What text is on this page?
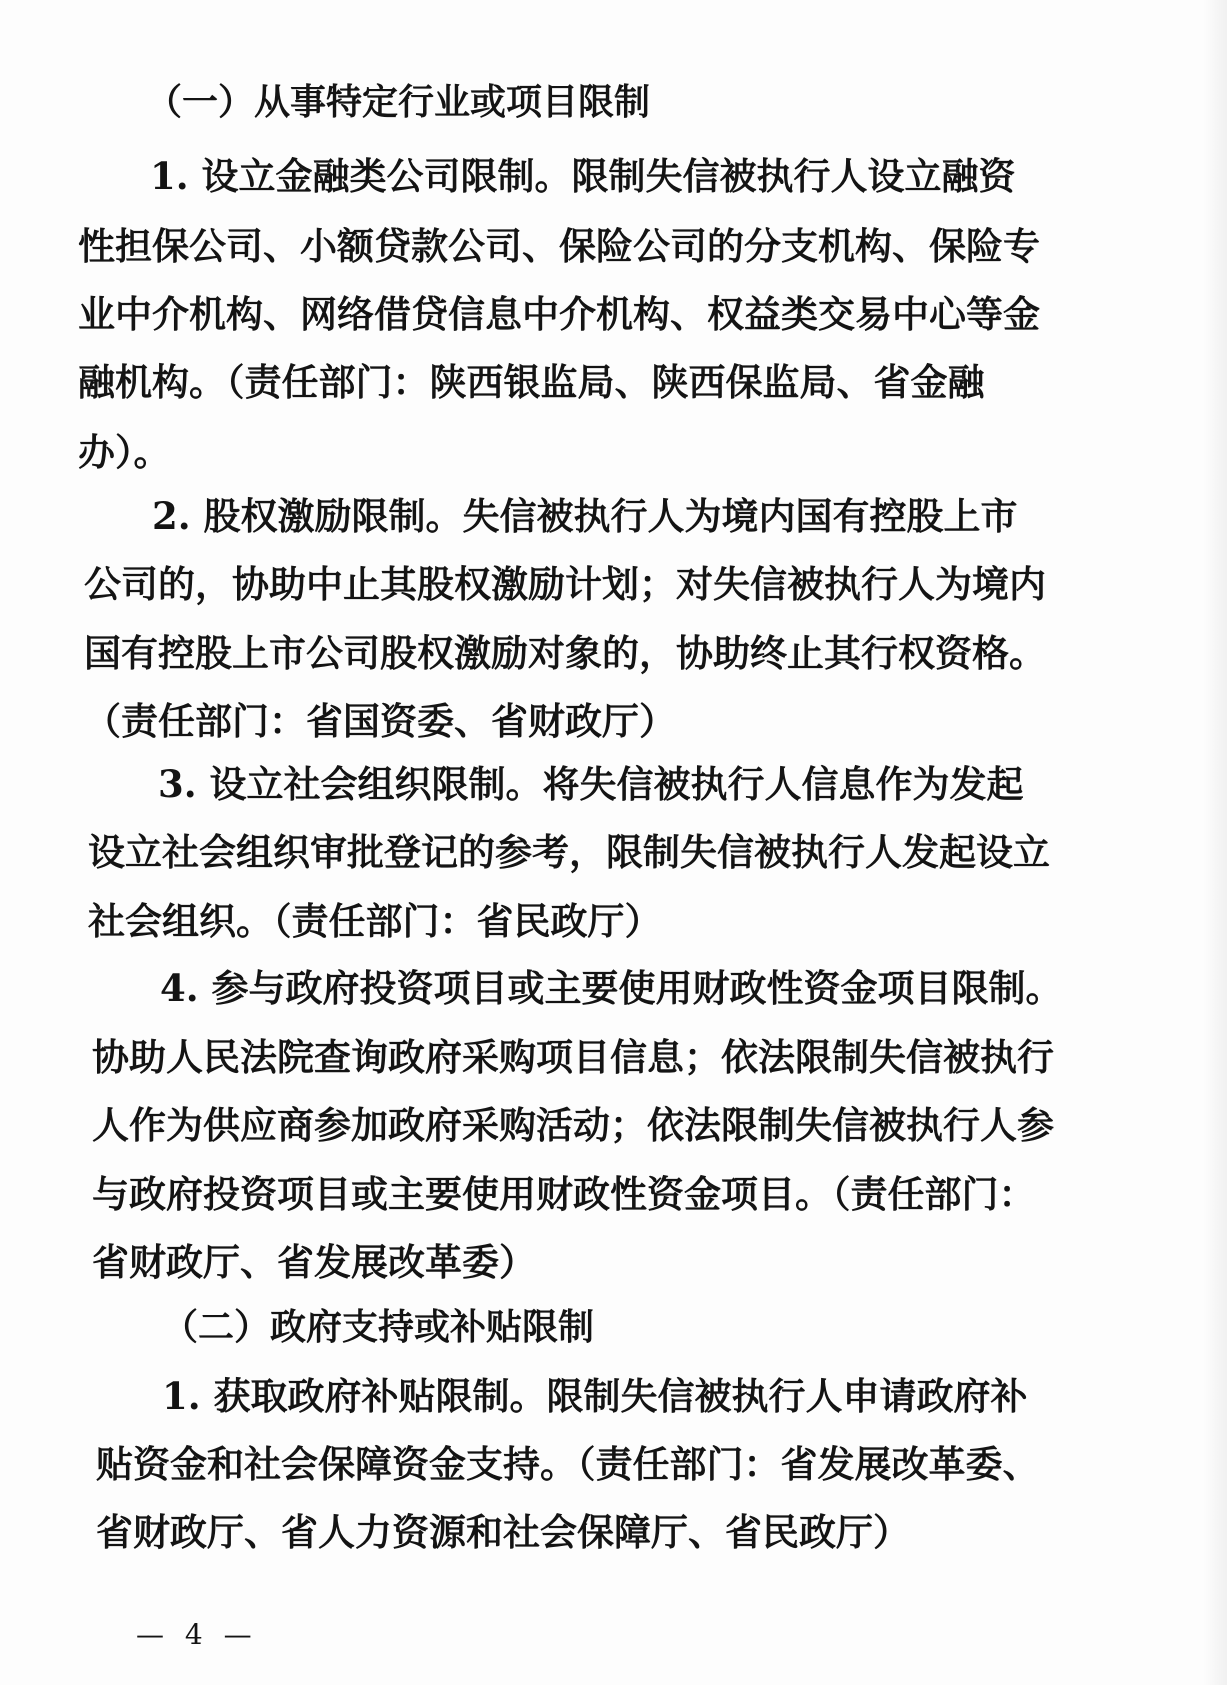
（一）从事特定行业或项目限制
1. 设立金融类公司限制。限制失信被执行人设立融资
性担保公司、小额贷款公司、保险公司的分支机构、保险专
业中介机构、网络借贷信息中介机构、权益类交易中心等金
融机构。（责任部门：陕西银监局、陕西保监局、省金融
办）。
2. 股权激励限制。失信被执行人为境内国有控股上市
公司的，协助中止其股权激励计划；对失信被执行人为境内
国有控股上市公司股权激励对象的，协助终止其行权资格。
（责任部门：省国资委、省财政厅）
3. 设立社会组织限制。将失信被执行人信息作为发起
设立社会组织审批登记的参考，限制失信被执行人发起设立
社会组织。（责任部门：省民政厅）
4. 参与政府投资项目或主要使用财政性资金项目限制。
协助人民法院查询政府采购项目信息；依法限制失信被执行
人作为供应商参加政府采购活动；依法限制失信被执行人参
与政府投资项目或主要使用财政性资金项目。（责任部门：
省财政厅、省发展改革委）
（二）政府支持或补贴限制
1. 获取政府补贴限制。限制失信被执行人申请政府补
贴资金和社会保障资金支持。（责任部门：省发展改革委、
省财政厅、省人力资源和社会保障厅、省民政厅）
— 4 —
